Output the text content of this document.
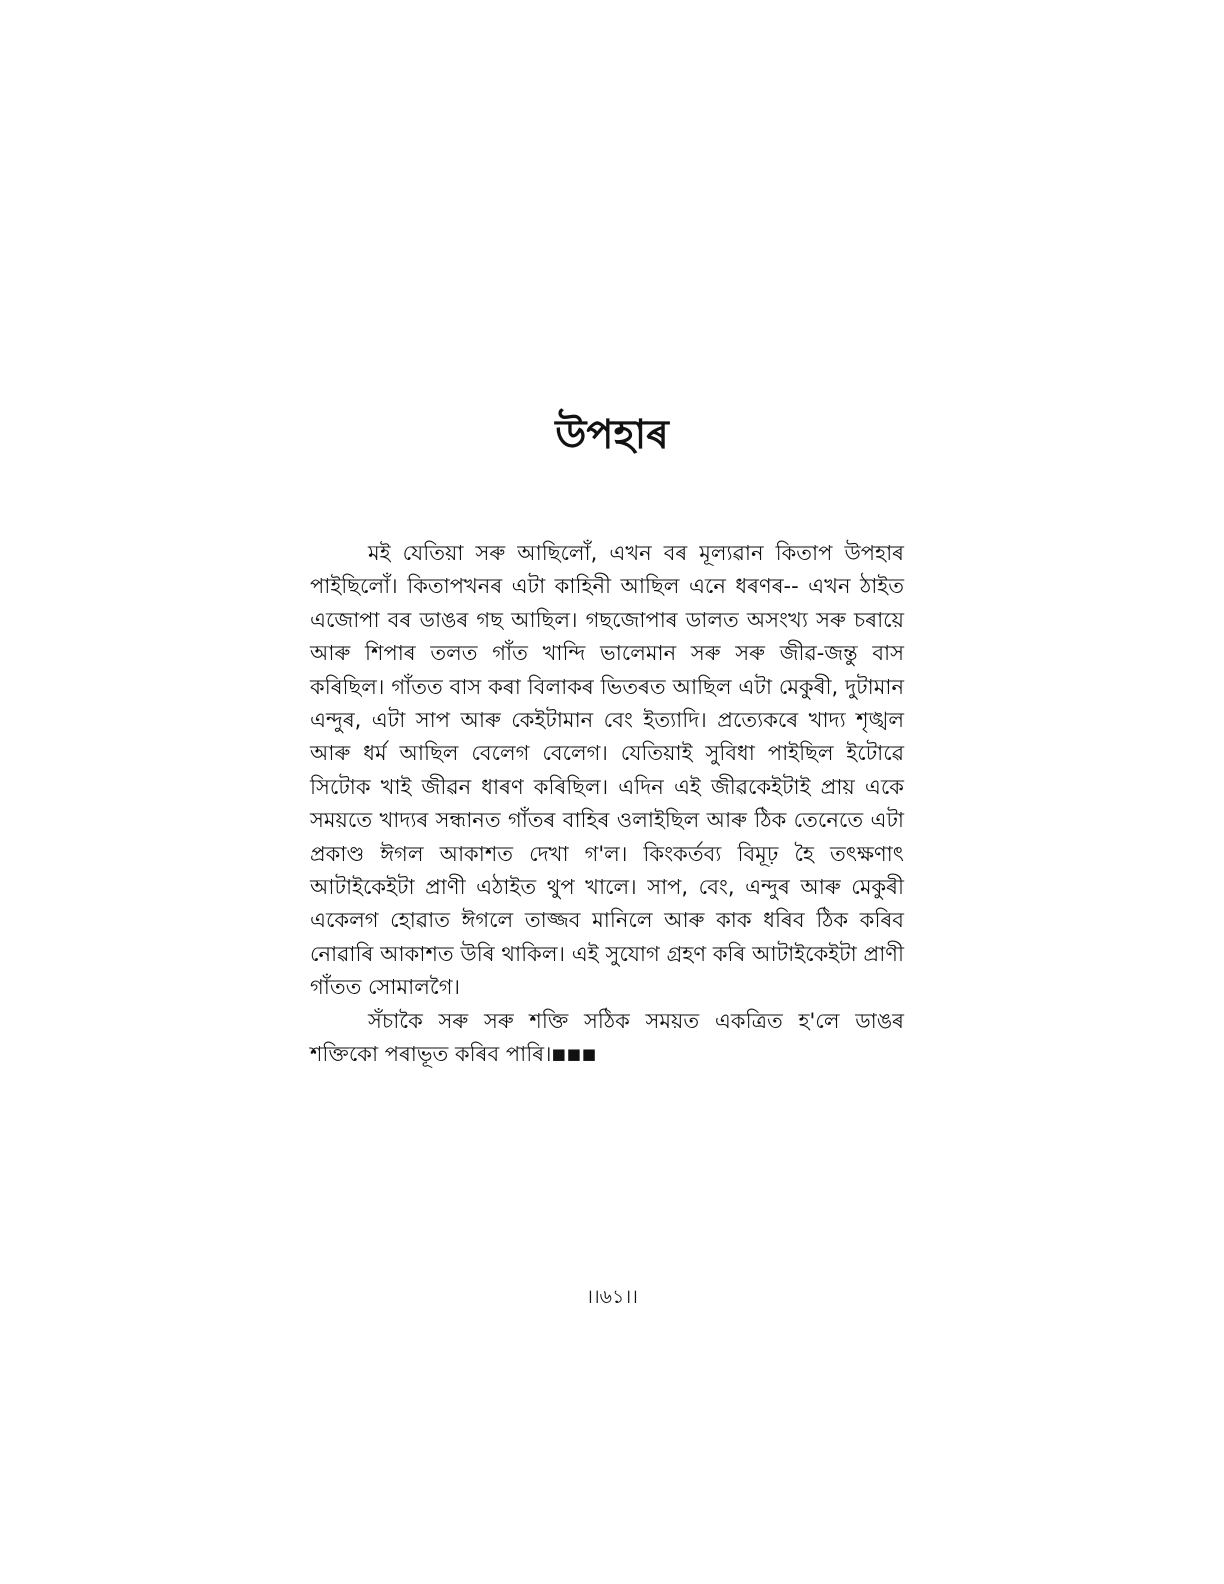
উপহাৰ

মই যেতিয়া সৰু আছিলোঁ, এখন বৰ মূল্যৱান কিতাপ উপহাৰ পাইছিলোঁ। কিতাপখনৰ এটা কাহিনী আছিল এনে ধৰণৰ-- এখন ঠাইত এজোপা বৰ ডাঙৰ গছ আছিল। গছজোপাৰ ডালত অসংখ্য সৰু চৰায়ে আৰু শিপাৰ তলত গাঁত খান্দি ভালেমান সৰু সৰু জীৱ-জন্তু বাস কৰিছিল। গাঁতত বাস কৰা বিলাকৰ ভিতৰত আছিল এটা মেকুৰী, দুটামান এন্দুৰ, এটা সাপ আৰু কেইটামান বেং ইত্যাদি। প্ৰত্যেকৰে খাদ্য শৃঙ্খল আৰু ধৰ্ম আছিল বেলেগ বেলেগ। যেতিয়াই সুবিধা পাইছিল ইটোৱে সিটোক খাই জীৱন ধাৰণ কৰিছিল। এদিন এই জীৱকেইটাই প্ৰায় একে সময়তে খাদ্যৰ সন্ধানত গাঁতৰ বাহিৰ ওলাইছিল আৰু ঠিক তেনেতে এটা প্ৰকাণ্ড ঈগল আকাশত দেখা গ'ল। কিংকৰ্তব্য বিমূঢ় হৈ তৎক্ষণাৎ আটাইকেইটা প্ৰাণী এঠাইত থুপ খালে। সাপ, বেং, এন্দুৰ আৰু মেকুৰী একেলগ হোৱাত ঈগলে তাজ্জব মানিলে আৰু কাক ধৰিব ঠিক কৰিব নোৱাৰি আকাশত উৰি থাকিল। এই সুযোগ গ্ৰহণ কৰি আটাইকেইটা প্ৰাণী গাঁতত সোমালগৈ।

সঁচাকৈ সৰু সৰু শক্তি সঠিক সময়ত একত্ৰিত হ'লে ডাঙৰ শক্তিকো পৰাভূত কৰিব পাৰি।■■■

।।৬১।।
